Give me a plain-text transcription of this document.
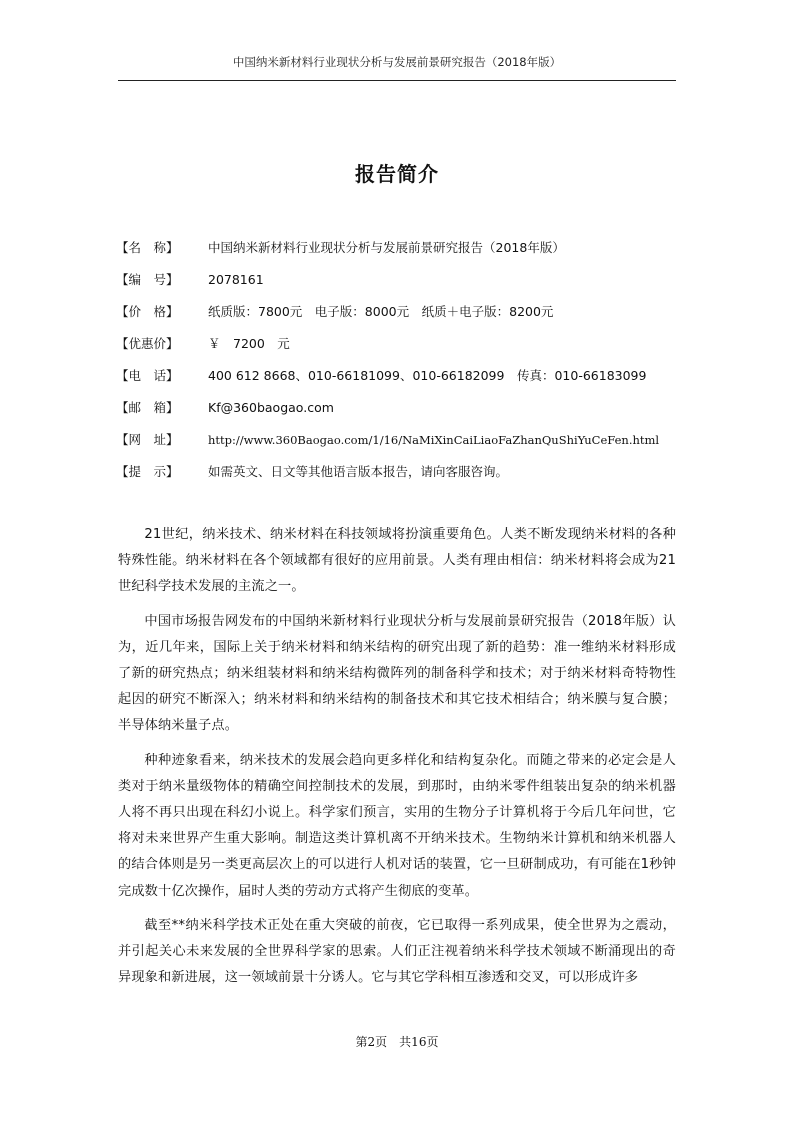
中国纳米新材料行业现状分析与发展前景研究报告（2018年版）
报告简介
【名　称】	中国纳米新材料行业现状分析与发展前景研究报告（2018年版）
【编　号】	2078161
【价　格】	纸质版：7800元　电子版：8000元　纸质＋电子版：8200元
【优惠价】	￥　7200　元
【电　话】	400 612 8668、010-66181099、010-66182099　传真：010-66183099
【邮　箱】	Kf@360baogao.com
【网　址】	http://www.360Baogao.com/1/16/NaMiXinCaiLiaoFaZhanQuShiYuCeFen.html
【提　示】	如需英文、日文等其他语言版本报告，请向客服咨询。

21世纪，纳米技术、纳米材料在科技领域将扮演重要角色。人类不断发现纳米材料的各种特殊性能。纳米材料在各个领域都有很好的应用前景。人类有理由相信：纳米材料将会成为21世纪科学技术发展的主流之一。

中国市场报告网发布的中国纳米新材料行业现状分析与发展前景研究报告（2018年版）认为，近几年来，国际上关于纳米材料和纳米结构的研究出现了新的趋势：准一维纳米材料形成了新的研究热点；纳米组装材料和纳米结构微阵列的制备科学和技术；对于纳米材料奇特物性起因的研究不断深入；纳米材料和纳米结构的制备技术和其它技术相结合；纳米膜与复合膜；半导体纳米量子点。

种种迹象看来，纳米技术的发展会趋向更多样化和结构复杂化。而随之带来的必定会是人类对于纳米量级物体的精确空间控制技术的发展，到那时，由纳米零件组装出复杂的纳米机器人将不再只出现在科幻小说上。科学家们预言，实用的生物分子计算机将于今后几年问世，它将对未来世界产生重大影响。制造这类计算机离不开纳米技术。生物纳米计算机和纳米机器人的结合体则是另一类更高层次上的可以进行人机对话的装置，它一旦研制成功，有可能在1秒钟完成数十亿次操作，届时人类的劳动方式将产生彻底的变革。

截至**纳米科学技术正处在重大突破的前夜，它已取得一系列成果，使全世界为之震动，并引起关心未来发展的全世界科学家的思索。人们正注视着纳米科学技术领域不断涌现出的奇异现象和新进展，这一领域前景十分诱人。它与其它学科相互渗透和交叉，可以形成许多

第2页　共16页
